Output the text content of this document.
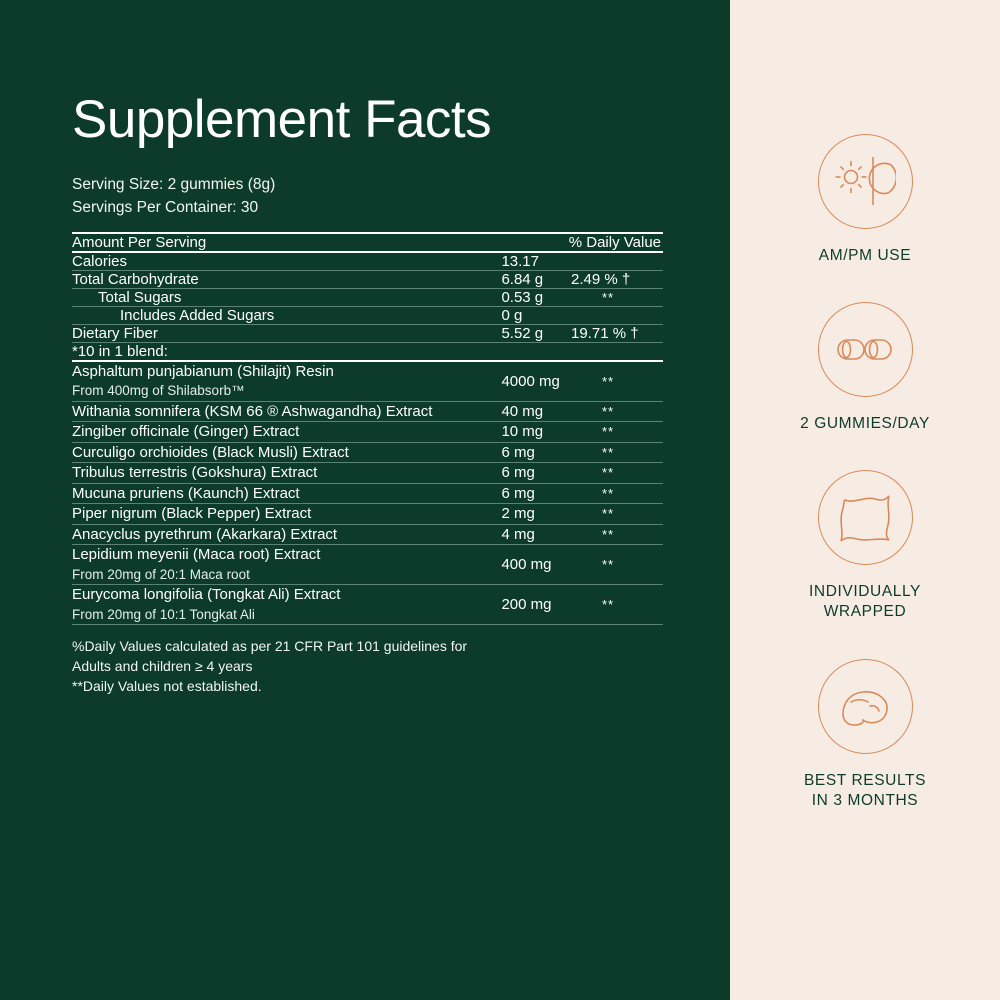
Supplement Facts
Serving Size: 2 gummies (8g)
Servings Per Container: 30
Amount Per Serving	% Daily Value	
Calories	13.17	
Total Carbohydrate	6.84 g	2.49 % †
Total Sugars	0.53 g	**
Includes Added Sugars	0 g	
Dietary Fiber	5.52 g	19.71 % †
*10 in 1 blend:		
Asphaltum punjabianum (Shilajit) Resin
From 400mg of Shilabsorb™	4000 mg	**
Withania somnifera (KSM 66 ® Ashwagandha) Extract	40 mg	**
Zingiber officinale (Ginger) Extract	10 mg	**
Curculigo orchioides (Black Musli) Extract	6 mg	**
Tribulus terrestris (Gokshura) Extract	6 mg	**
Mucuna pruriens (Kaunch) Extract	6 mg	**
Piper nigrum (Black Pepper) Extract	2 mg	**
Anacyclus pyrethrum (Akarkara) Extract	4 mg	**
Lepidium meyenii (Maca root) Extract
From 20mg of 20:1 Maca root	400 mg	**
Eurycoma longifolia (Tongkat Ali) Extract
From 20mg of 10:1 Tongkat Ali	200 mg	**
%Daily Values calculated as per 21 CFR Part 101 guidelines for
Adults and children ≥ 4 years
**Daily Values not established.
AM/PM USE
2 GUMMIES/DAY
INDIVIDUALLY
WRAPPED
BEST RESULTS
IN 3 MONTHS
